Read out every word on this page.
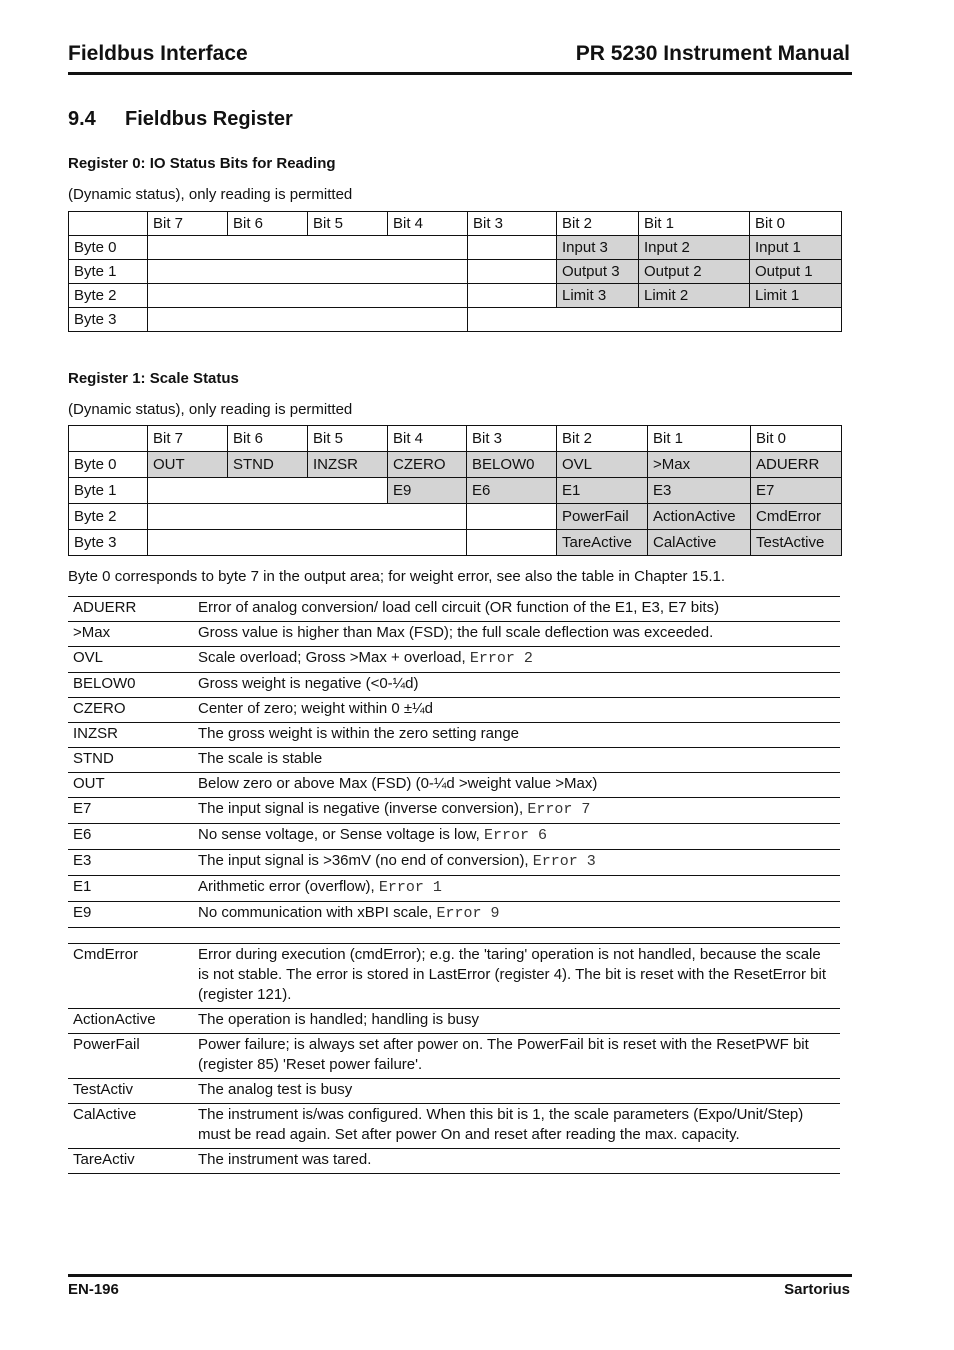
Fieldbus Interface	PR 5230 Instrument Manual
9.4 Fieldbus Register
Register 0: IO Status Bits for Reading
(Dynamic status), only reading is permitted
	Bit 7	Bit 6	Bit 5	Bit 4	Bit 3	Bit 2	Bit 1	Bit 0
Byte 0						Input 3	Input 2	Input 1
Byte 1						Output 3	Output 2	Output 1
Byte 2						Limit 3	Limit 2	Limit 1
Byte 3								
Register 1: Scale Status
(Dynamic status), only reading is permitted
	Bit 7	Bit 6	Bit 5	Bit 4	Bit 3	Bit 2	Bit 1	Bit 0
Byte 0	OUT	STND	INZSR	CZERO	BELOW0	OVL	>Max	ADUERR
Byte 1				E9	E6	E1	E3	E7
Byte 2						PowerFail	ActionActive	CmdError
Byte 3						TareActive	CalActive	TestActive
Byte 0 corresponds to byte 7 in the output area; for weight error, see also the table in Chapter 15.1.
ADUERR	Error of analog conversion/ load cell circuit (OR function of the E1, E3, E7 bits)
>Max	Gross value is higher than Max (FSD); the full scale deflection was exceeded.
OVL	Scale overload; Gross >Max + overload, Error 2
BELOW0	Gross weight is negative (<0-¼d)
CZERO	Center of zero; weight within 0 ±¼d
INZSR	The gross weight is within the zero setting range
STND	The scale is stable
OUT	Below zero or above Max (FSD) (0-¼d >weight value >Max)
E7	The input signal is negative (inverse conversion), Error 7
E6	No sense voltage, or Sense voltage is low, Error 6
E3	The input signal is >36mV (no end of conversion), Error 3
E1	Arithmetic error (overflow), Error 1
E9	No communication with xBPI scale, Error 9
CmdError	Error during execution (cmdError); e.g. the 'taring' operation is not handled, because the scale is not stable. The error is stored in LastError (register 4). The bit is reset with the ResetError bit (register 121).
ActionActive	The operation is handled; handling is busy
PowerFail	Power failure; is always set after power on. The PowerFail bit is reset with the ResetPWF bit (register 85) 'Reset power failure'.
TestActiv	The analog test is busy
CalActive	The instrument is/was configured. When this bit is 1, the scale parameters (Expo/Unit/Step) must be read again. Set after power On and reset after reading the max. capacity.
TareActiv	The instrument was tared.
EN-196	Sartorius
